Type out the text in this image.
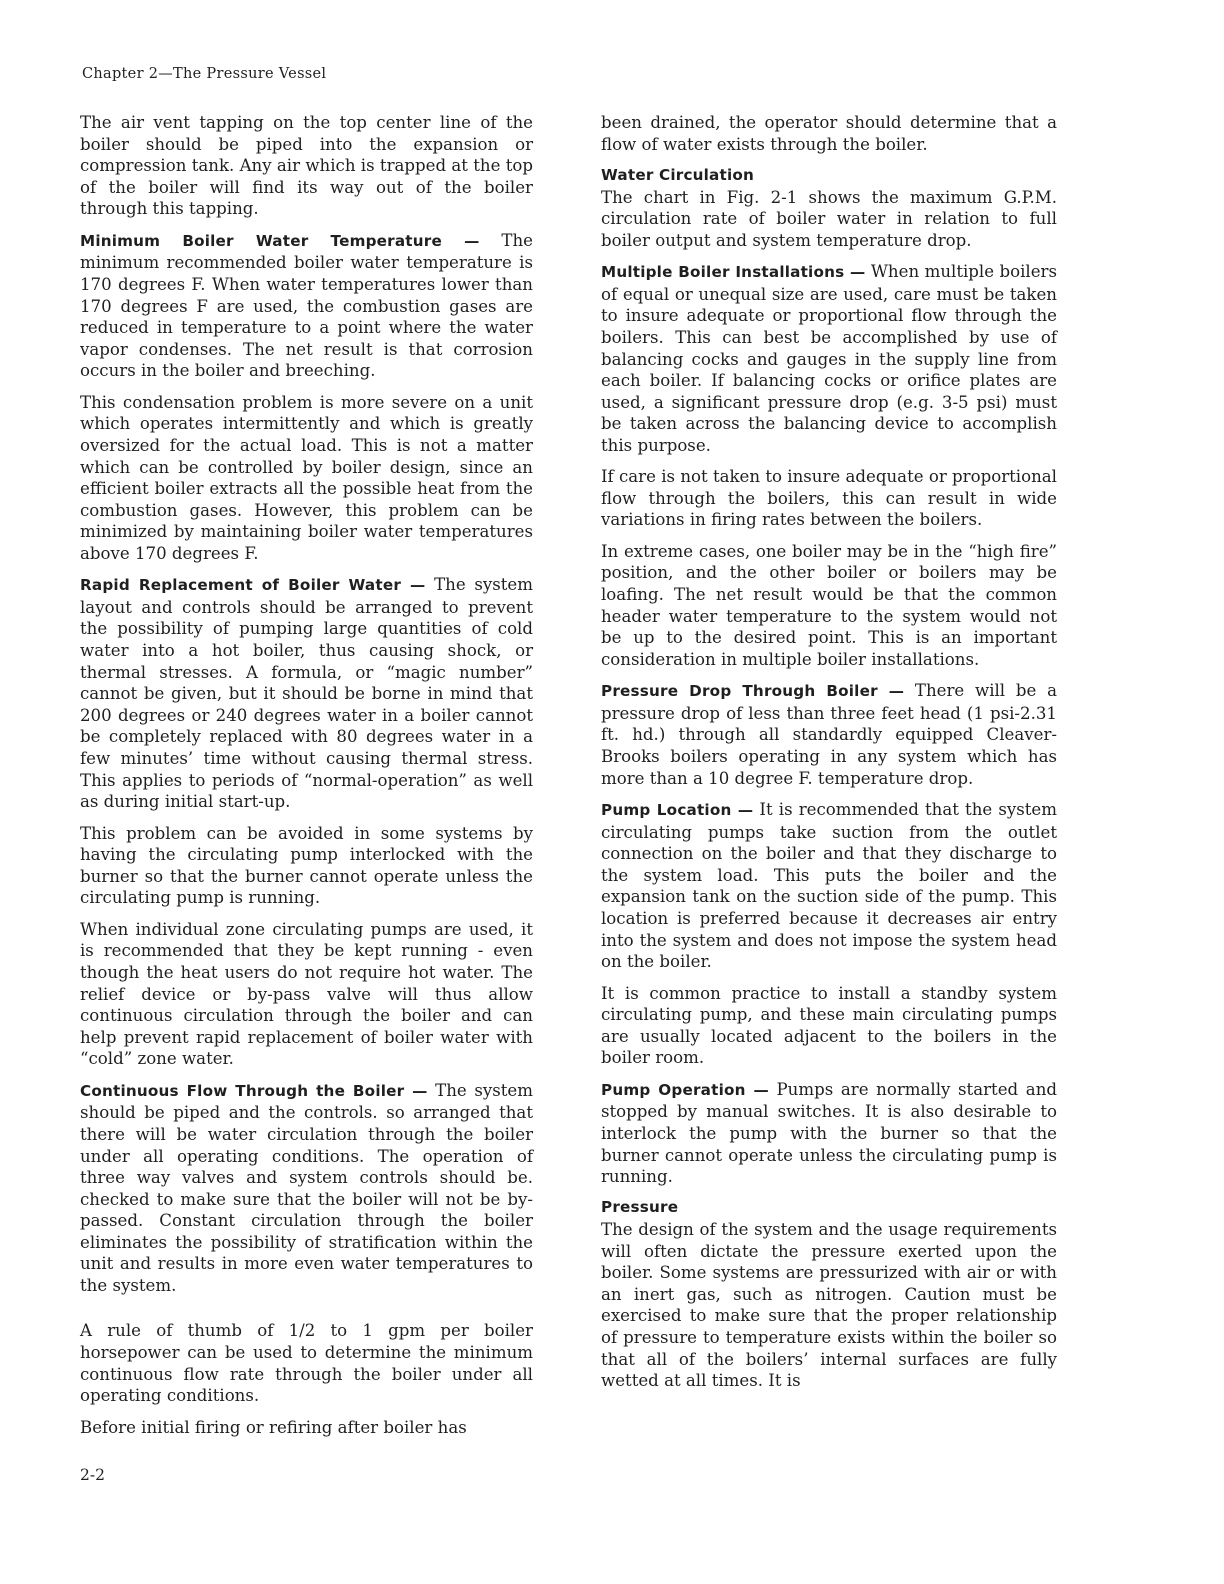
Chapter 2—The Pressure Vessel

The air vent tapping on the top center line of the boiler should be piped into the expansion or compression tank. Any air which is trapped at the top of the boiler will find its way out of the boiler through this tapping.

Minimum Boiler Water Temperature — The minimum recommended boiler water temperature is 170 degrees F. When water temperatures lower than 170 degrees F are used, the combustion gases are reduced in temperature to a point where the water vapor condenses. The net result is that corrosion occurs in the boiler and breeching.

This condensation problem is more severe on a unit which operates intermittently and which is greatly oversized for the actual load. This is not a matter which can be controlled by boiler design, since an efficient boiler extracts all the possible heat from the combustion gases. However, this problem can be minimized by maintaining boiler water temperatures above 170 degrees F.

Rapid Replacement of Boiler Water — The system layout and controls should be arranged to prevent the possibility of pumping large quantities of cold water into a hot boiler, thus causing shock, or thermal stresses. A formula, or “magic number” cannot be given, but it should be borne in mind that 200 degrees or 240 degrees water in a boiler cannot be completely replaced with 80 degrees water in a few minutes’ time without causing thermal stress. This applies to periods of “normal-operation” as well as during initial start-up.

This problem can be avoided in some systems by having the circulating pump interlocked with the burner so that the burner cannot operate unless the circulating pump is running.

When individual zone circulating pumps are used, it is recommended that they be kept running - even though the heat users do not require hot water. The relief device or by-pass valve will thus allow continuous circulation through the boiler and can help prevent rapid replacement of boiler water with “cold” zone water.

Continuous Flow Through the Boiler — The system should be piped and the controls. so arranged that there will be water circulation through the boiler under all operating conditions. The operation of three way valves and system controls should be. checked to make sure that the boiler will not be by-passed. Constant circulation through the boiler eliminates the possibility of stratification within the unit and results in more even water temperatures to the system.

A rule of thumb of 1/2 to 1 gpm per boiler horsepower can be used to determine the minimum continuous flow rate through the boiler under all operating conditions.

Before initial firing or refiring after boiler has

been drained, the operator should determine that a flow of water exists through the boiler.

Water Circulation
The chart in Fig. 2-1 shows the maximum G.P.M. circulation rate of boiler water in relation to full boiler output and system temperature drop.

Multiple Boiler Installations — When multiple boilers of equal or unequal size are used, care must be taken to insure adequate or proportional flow through the boilers. This can best be accomplished by use of balancing cocks and gauges in the supply line from each boiler. If balancing cocks or orifice plates are used, a significant pressure drop (e.g. 3-5 psi) must be taken across the balancing device to accomplish this purpose.

If care is not taken to insure adequate or proportional flow through the boilers, this can result in wide variations in firing rates between the boilers.

In extreme cases, one boiler may be in the “high fire” position, and the other boiler or boilers may be loafing. The net result would be that the common header water temperature to the system would not be up to the desired point. This is an important consideration in multiple boiler installations.

Pressure Drop Through Boiler — There will be a pressure drop of less than three feet head (1 psi-2.31 ft. hd.) through all standardly equipped Cleaver-Brooks boilers operating in any system which has more than a 10 degree F. temperature drop.

Pump Location — It is recommended that the system circulating pumps take suction from the outlet connection on the boiler and that they discharge to the system load. This puts the boiler and the expansion tank on the suction side of the pump. This location is preferred because it decreases air entry into the system and does not impose the system head on the boiler.

It is common practice to install a standby system circulating pump, and these main circulating pumps are usually located adjacent to the boilers in the boiler room.

Pump Operation — Pumps are normally started and stopped by manual switches. It is also desirable to interlock the pump with the burner so that the burner cannot operate unless the circulating pump is running.

Pressure
The design of the system and the usage requirements will often dictate the pressure exerted upon the boiler. Some systems are pressurized with air or with an inert gas, such as nitrogen. Caution must be exercised to make sure that the proper relationship of pressure to temperature exists within the boiler so that all of the boilers’ internal surfaces are fully wetted at all times. It is

2-2
